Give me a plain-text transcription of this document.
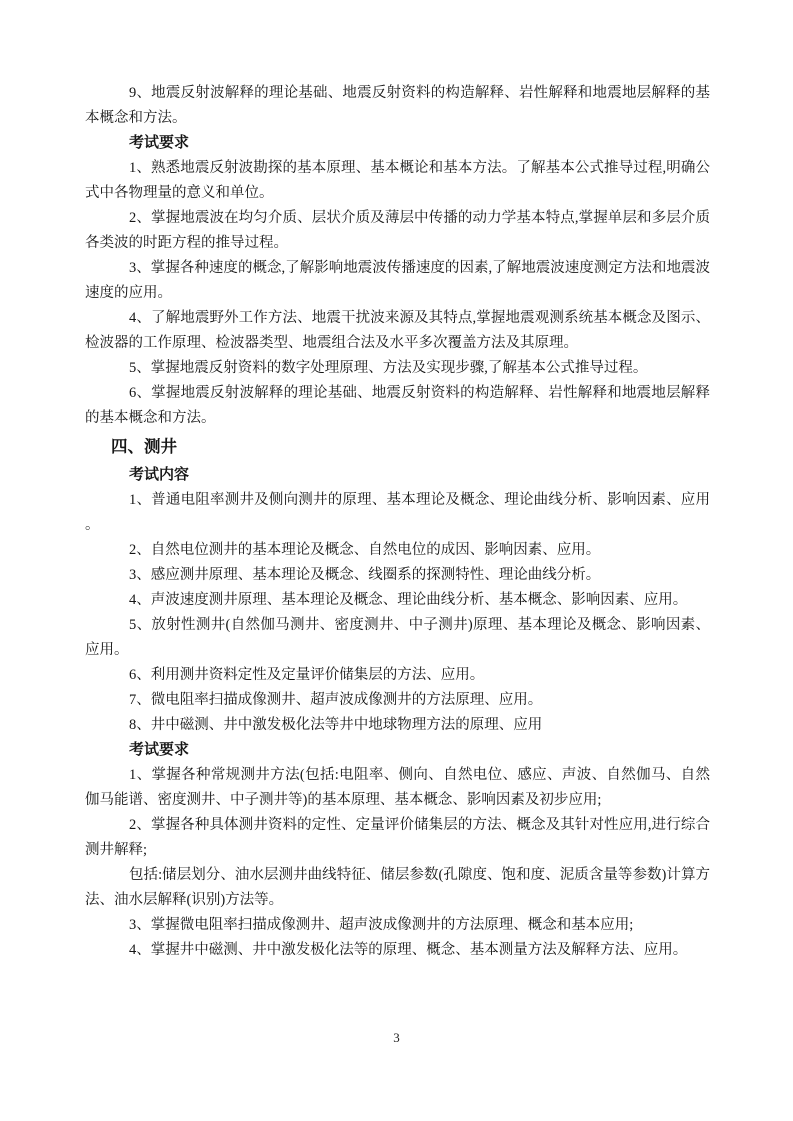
9、地震反射波解释的理论基础、地震反射资料的构造解释、岩性解释和地震地层解释的基本概念和方法。

考试要求

1、熟悉地震反射波勘探的基本原理、基本概论和基本方法。了解基本公式推导过程,明确公式中各物理量的意义和单位。

2、掌握地震波在均匀介质、层状介质及薄层中传播的动力学基本特点,掌握单层和多层介质各类波的时距方程的推导过程。

3、掌握各种速度的概念,了解影响地震波传播速度的因素,了解地震波速度测定方法和地震波速度的应用。

4、了解地震野外工作方法、地震干扰波来源及其特点,掌握地震观测系统基本概念及图示、检波器的工作原理、检波器类型、地震组合法及水平多次覆盖方法及其原理。

5、掌握地震反射资料的数字处理原理、方法及实现步骤,了解基本公式推导过程。

6、掌握地震反射波解释的理论基础、地震反射资料的构造解释、岩性解释和地震地层解释的基本概念和方法。

四、测井

考试内容

1、普通电阻率测井及侧向测井的原理、基本理论及概念、理论曲线分析、影响因素、应用。

2、自然电位测井的基本理论及概念、自然电位的成因、影响因素、应用。

3、感应测井原理、基本理论及概念、线圈系的探测特性、理论曲线分析。

4、声波速度测井原理、基本理论及概念、理论曲线分析、基本概念、影响因素、应用。

5、放射性测井(自然伽马测井、密度测井、中子测井)原理、基本理论及概念、影响因素、应用。

6、利用测井资料定性及定量评价储集层的方法、应用。

7、微电阻率扫描成像测井、超声波成像测井的方法原理、应用。

8、井中磁测、井中激发极化法等井中地球物理方法的原理、应用

考试要求

1、掌握各种常规测井方法(包括:电阻率、侧向、自然电位、感应、声波、自然伽马、自然伽马能谱、密度测井、中子测井等)的基本原理、基本概念、影响因素及初步应用;

2、掌握各种具体测井资料的定性、定量评价储集层的方法、概念及其针对性应用,进行综合测井解释;

包括:储层划分、油水层测井曲线特征、储层参数(孔隙度、饱和度、泥质含量等参数)计算方法、油水层解释(识别)方法等。

3、掌握微电阻率扫描成像测井、超声波成像测井的方法原理、概念和基本应用;

4、掌握井中磁测、井中激发极化法等的原理、概念、基本测量方法及解释方法、应用。

3
